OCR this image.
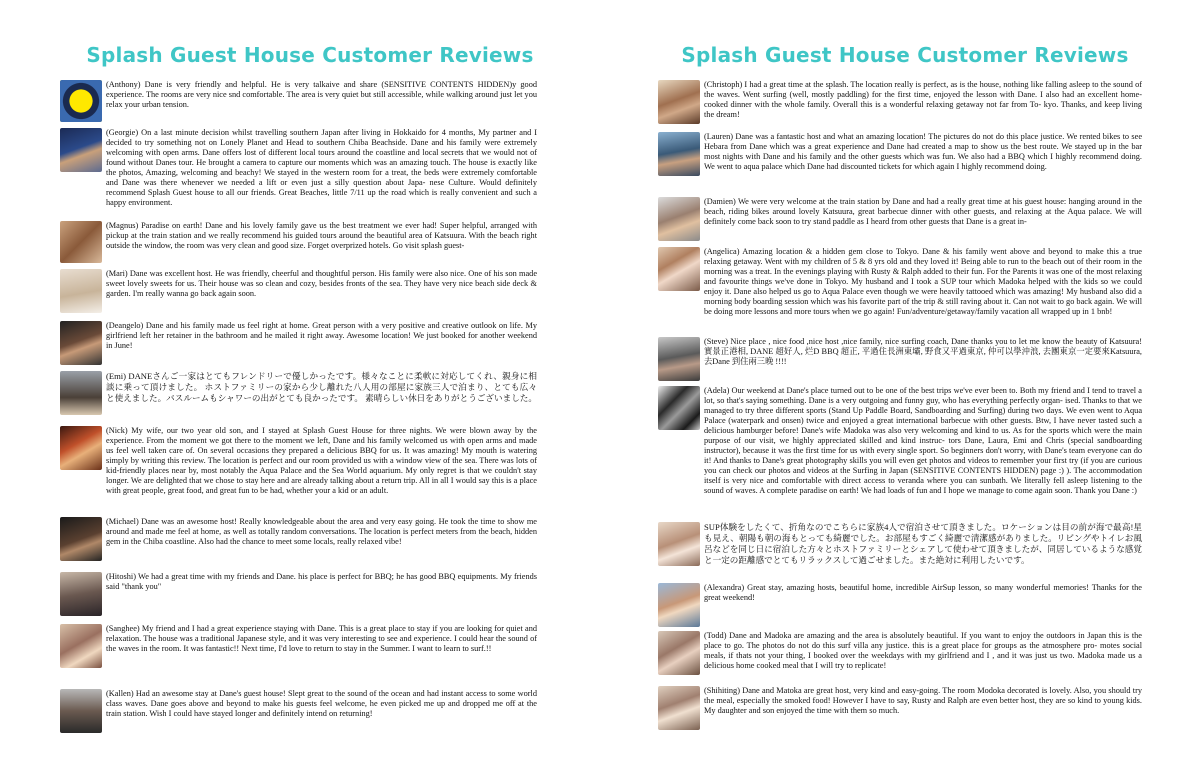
Splash Guest House Customer Reviews
(Anthony) Dane is very friendly and helpful. He is very talkaive and share (SENSITIVE CONTENTS HIDDEN)y good experience. The rooms are very nice snd comfortable. The area is very quiet but still accessible, while walking around just let you relax your urban tension.
(Georgie) On a last minute decision whilst travelling southern Japan after living in Hokkaido for 4 months, My partner and I decided to try something not on Lonely Planet and Head to southern Chiba Beachside. Dane and his family were extremely welcoming with open arms. Dane offers lost of different local tours around the coastline and local secrets that we would not of found without Danes tour. He brought a camera to capture our moments which was an amazing touch. The house is exactly like the photos, Amazing, welcoming and beachy! We stayed in the western room for a treat, the beds were extremely comfortable and Dane was there whenever we needed a lift or even just a silly question about Japa- nese Culture. Would definitely recommend Splash Guest house to all our friends. Great Beaches, little 7/11 up the road which is really convenient and such a happy environment.
(Magnus) Paradise on earth! Dane and his lovely family gave us the best treatment we ever had! Super helpful, arranged with pickup at the train station and we really recommend his guided tours around the beautiful area of Katsuura. With the beach right outside the window, the room was very clean and good size. Forget overprized hotels. Go visit splash guest-
(Mari) Dane was excellent host. He was friendly, cheerful and thoughtful person. His family were also nice. One of his son made sweet lovely sweets for us. Their house was so clean and cozy, besides fronts of the sea. They have very nice beach side deck & garden. I'm really wanna go back again soon.
(Deangelo) Dane and his family made us feel right at home. Great person with a very positive and creative outlook on life. My girlfriend left her retainer in the bathroom and he mailed it right away. Awesome location! We just booked for another weekend in June!
(Emi) DANEさんご一家はとてもフレンドリーで優しかったです。様々なことに柔軟に対応してくれ、親身に相談に乗って頂けました。 ホストファミリーの家から少し離れた八人用の部屋に家族三人で泊まり、とても広々と使えました。バスルームもシャワーの出がとても良かったです。 素晴らしい休日をありがとうございました。
(Nick) My wife, our two year old son, and I stayed at Splash Guest House for three nights. We were blown away by the experience. From the moment we got there to the moment we left, Dane and his family welcomed us with open arms and made us feel well taken care of. On several occasions they prepared a delicious BBQ for us. It was amazing! My mouth is watering simply by writing this review. The location is perfect and our room provided us with a window view of the sea. There was lots of kid-friendly places near by, most notably the Aqua Palace and the Sea World aquarium. My only regret is that we couldn't stay longer. We are delighted that we chose to stay here and are already talking about a return trip. All in all I would say this is a place with great people, great food, and great fun to be had, whether your a kid or an adult.
(Michael) Dane was an awesome host! Really knowledgeable about the area and very easy going. He took the time to show me around and made me feel at home, as well as totally random conversations. The location is perfect meters from the beach, hidden gem in the Chiba coastline. Also had the chance to meet some locals, really relaxed vibe!
(Hitoshi) We had a great time with my friends and Dane. his place is perfect for BBQ; he has good BBQ equipments. My friends said "thank you"
(Sanghee) My friend and I had a great experience staying with Dane. This is a great place to stay if you are looking for quiet and relaxation. The house was a traditional Japanese style, and it was very interesting to see and experience. I could hear the sound of the waves in the room. It was fantastic!! Next time, I'd love to return to stay in the Summer. I want to learn to surf.!!
(Kallen) Had an awesome stay at Dane's guest house! Slept great to the sound of the ocean and had instant access to some world class waves. Dane goes above and beyond to make his guests feel welcome, he even picked me up and dropped me off at the train station. Wish I could have stayed longer and definitely intend on returning!
Splash Guest House Customer Reviews
(Christoph) I had a great time at the splash. The location really is perfect, as is the house, nothing like falling asleep to the sound of the waves. Went surfing (well, mostly paddling) for the first time, enjoyed the lesson with Dane. I also had an excellent home-cooked dinner with the whole family. Overall this is a wonderful relaxing getaway not far from To- kyo. Thanks, and keep living the dream!
(Lauren) Dane was a fantastic host and what an amazing location! The pictures do not do this place justice. We rented bikes to see Hebara from Dane which was a great experience and Dane had created a map to show us the best route. We stayed up in the bar most nights with Dane and his family and the other guests which was fun. We also had a BBQ which I highly recommend doing. We went to aqua palace which Dane had discounted tickets for which again I highly recommend doing.
(Damien) We were very welcome at the train station by Dane and had a really great time at his guest house: hanging around in the beach, riding bikes around lovely Katsuura, great barbecue dinner with other guests, and relaxing at the Aqua palace. We will definitely come back soon to try stand paddle as I heard from other guests that Dane is a great in-
(Angelica) Amazing location & a hidden gem close to Tokyo. Dane & his family went above and beyond to make this a true relaxing getaway. Went with my children of 5 & 8 yrs old and they loved it! Being able to run to the beach out of their room in the morning was a treat. In the evenings playing with Rusty & Ralph added to their fun. For the Parents it was one of the most relaxing and favourite things we've done in Tokyo. My husband and I took a SUP tour which Madoka helped with the kids so we could enjoy it. Dane also helped us go to Aqua Palace even though we were heavily tattooed which was amazing! My husband also did a morning body boarding session which was his favorite part of the trip & still raving about it. Can not wait to go back again. We will be doing more lessons and more tours when we go again! Fun/adventure/getaway/family vacation all wrapped up in 1 bnb!
(Steve) Nice place , nice food ,nice host ,nice family, nice surfing coach, Dane thanks you to let me know the beauty of Katsuura! 實景正港相, DANE 超好人, 烂D BBQ 超正, 平過住長洲東壩, 野食又平過東京, 仲可以學沖浪, 去團東京一定要來Katsuura,去Dane 到住兩三晚 !!!!
(Adela) Our weekend at Dane's place turned out to be one of the best trips we've ever been to. Both my friend and I tend to travel a lot, so that's saying something. Dane is a very outgoing and funny guy, who has everything perfectly organ- ised. Thanks to that we managed to try three different sports (Stand Up Paddle Board, Sandboarding and Surfing) during two days. We even went to Aqua Palace (waterpark and onsen) twice and enjoyed a great international barbecue with other guests. Btw, I have never tasted such a delicious hamburger before! Dane's wife Madoka was also very welcoming and kind to us. As for the sports which were the main purpose of our visit, we highly appreciated skilled and kind instruc- tors Dane, Laura, Emi and Chris (special sandboarding instructor), because it was the first time for us with every single sport. So beginners don't worry, with Dane's team everyone can do it! And thanks to Dane's great photography skills you will even get photos and videos to remember your first try (if you are curious you can check our photos and videos at the Surfing in Japan (SENSITIVE CONTENTS HIDDEN) page :) ). The accommodation itself is very nice and comfortable with direct access to veranda where you can sunbath. We literally fell asleep listening to the sound of waves. A complete paradise on earth! We had loads of fun and I hope we manage to come again soon. Thank you Dane :)
SUP体験をしたくて、折角なのでこちらに家族4人で宿泊させて頂きました。ロケーションは目の前が海で最高!星も見え、朝陽も朝の海もとっても綺麗でした。お部屋もすごく綺麗で清潔感がありました。リビングやトイレお風呂などを同じ日に宿泊した方々とホストファミリーとシェアして使わせて頂きましたが、同居しているような感覚と一定の距離感でとてもリラックスして過ごせました。また絶対に利用したいです。
(Alexandra) Great stay, amazing hosts, beautiful home, incredible AirSup lesson, so many wonderful memories! Thanks for the great weekend!
(Todd) Dane and Madoka are amazing and the area is absolutely beautiful. If you want to enjoy the outdoors in Japan this is the place to go. The photos do not do this surf villa any justice. this is a great place for groups as the atmosphere pro- motes social meals, if thats not your thing, I booked over the weekdays with my girlfriend and I , and it was just us two. Madoka made us a delicious home cooked meal that I will try to replicate!
(Shihiting) Dane and Matoka are great host, very kind and easy-going. The room Modoka decorated is lovely. Also, you should try the meal, especially the smoked food! However I have to say, Rusty and Ralph are even better host, they are so kind to young kids. My daughter and son enjoyed the time with them so much.
